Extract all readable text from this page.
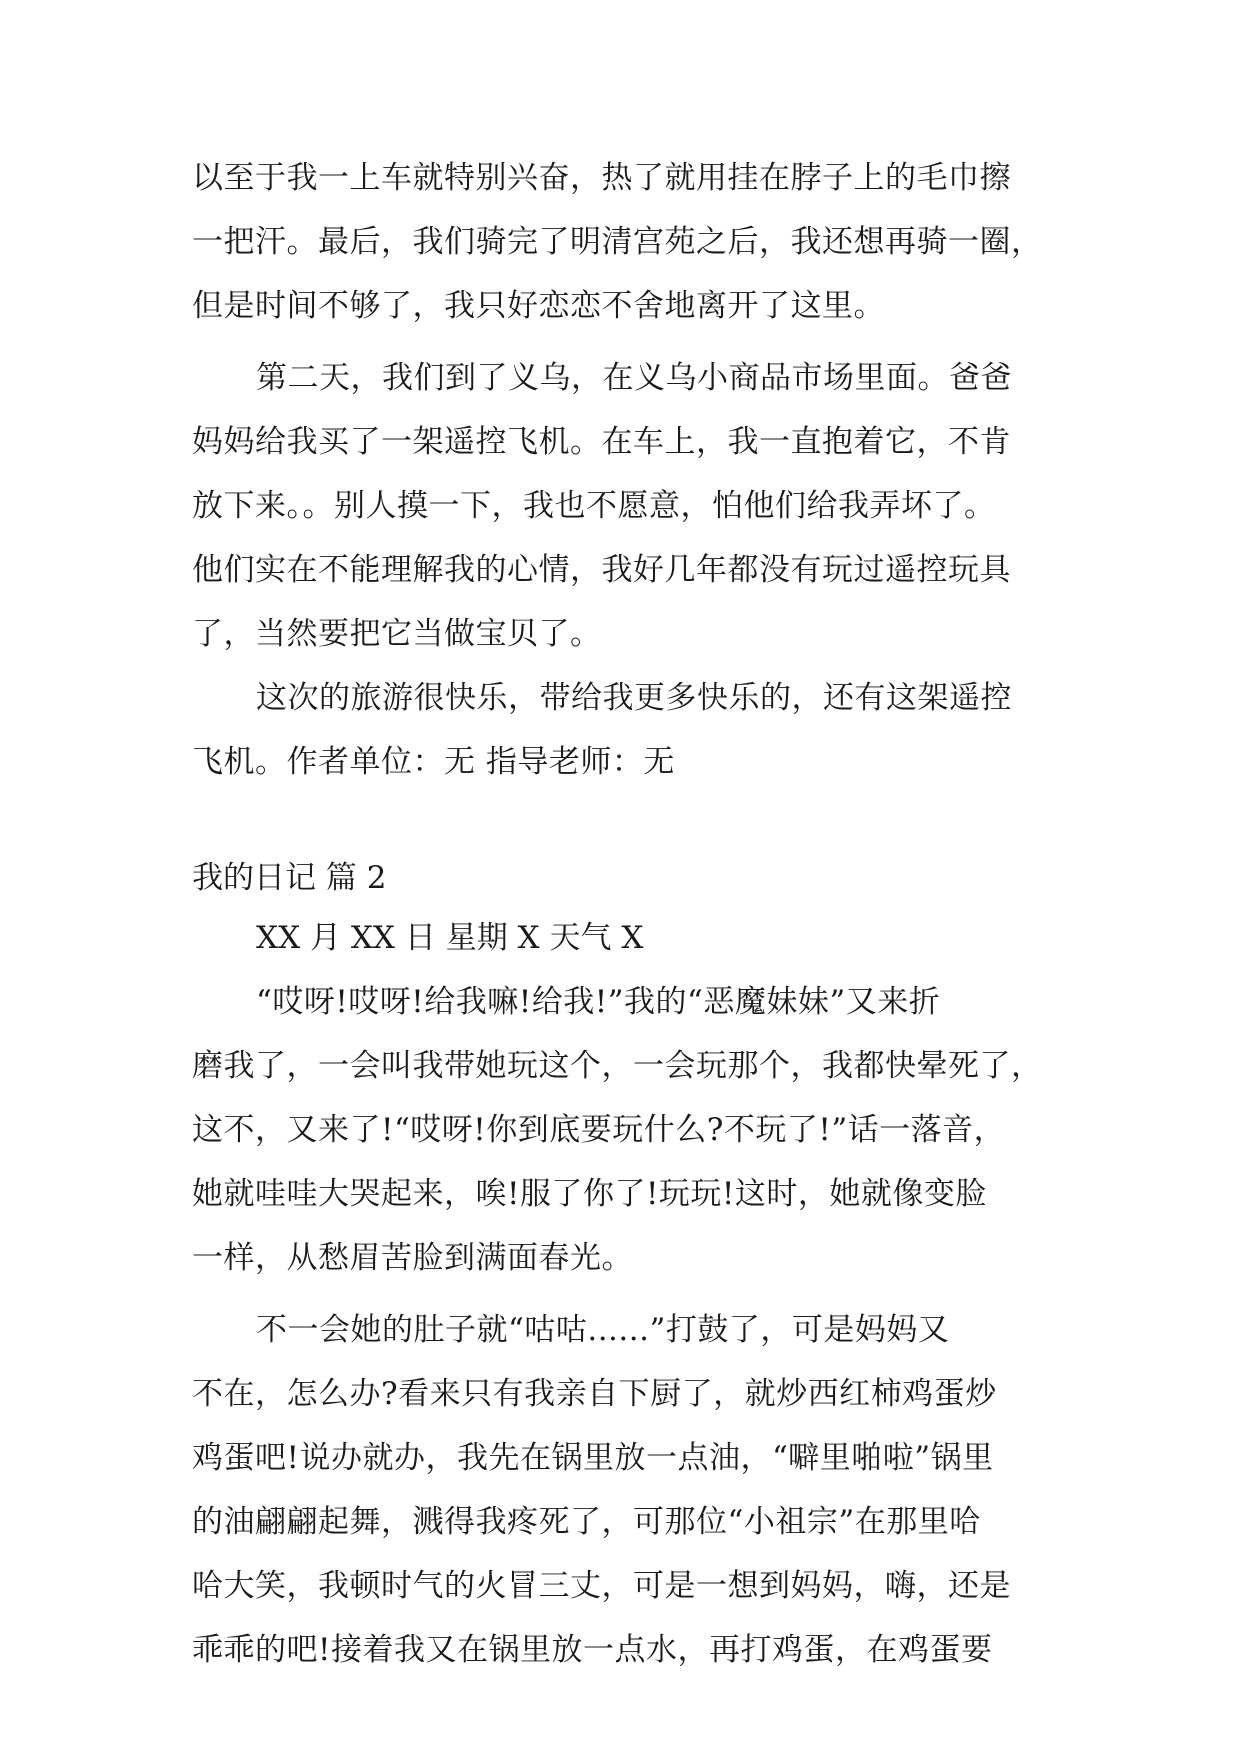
以至于我一上车就特别兴奋，热了就用挂在脖子上的毛巾擦
一把汗。最后，我们骑完了明清宫苑之后，我还想再骑一圈，
但是时间不够了，我只好恋恋不舍地离开了这里。
第二天，我们到了义乌，在义乌小商品市场里面。爸爸
妈妈给我买了一架遥控飞机。在车上，我一直抱着它，不肯
放下来。。别人摸一下，我也不愿意，怕他们给我弄坏了。
他们实在不能理解我的心情，我好几年都没有玩过遥控玩具
了，当然要把它当做宝贝了。
这次的旅游很快乐，带给我更多快乐的，还有这架遥控
飞机。作者单位：无 指导老师：无
我的日记 篇 2
XX 月 XX 日 星期 X 天气 X
“哎呀!哎呀!给我嘛!给我!”我的“恶魔妹妹”又来折
磨我了，一会叫我带她玩这个，一会玩那个，我都快晕死了，
这不，又来了!“哎呀!你到底要玩什么?不玩了!”话一落音，
她就哇哇大哭起来，唉!服了你了!玩玩!这时，她就像变脸
一样，从愁眉苦脸到满面春光。
不一会她的肚子就“咕咕......”打鼓了，可是妈妈又
不在，怎么办?看来只有我亲自下厨了，就炒西红柿鸡蛋炒
鸡蛋吧!说办就办，我先在锅里放一点油，“噼里啪啦”锅里
的油翩翩起舞，溅得我疼死了，可那位“小祖宗”在那里哈
哈大笑，我顿时气的火冒三丈，可是一想到妈妈，嗨，还是
乖乖的吧!接着我又在锅里放一点水，再打鸡蛋，在鸡蛋要
